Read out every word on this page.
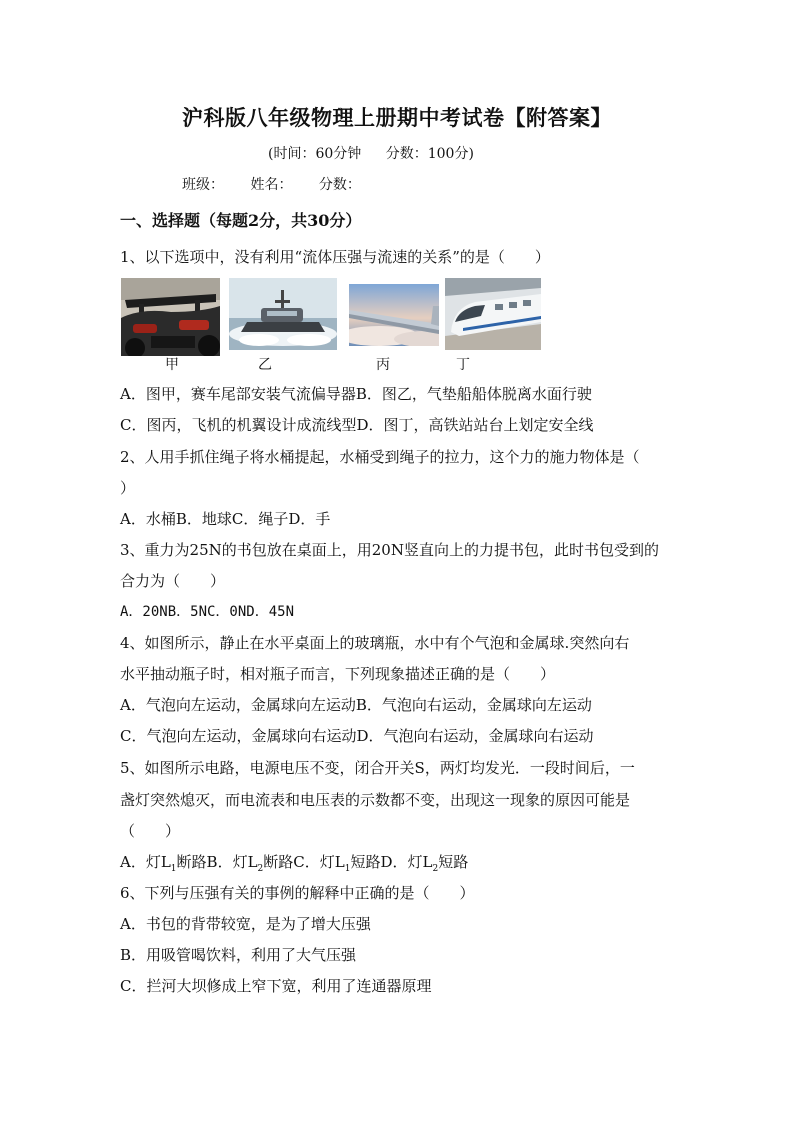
沪科版八年级物理上册期中考试卷【附答案】
(时间：60分钟 分数：100分)
班级： 姓名： 分数：
一、选择题（每题2分，共30分）
1、以下选项中，没有利用“流体压强与流速的关系”的是（　　）
甲	乙	丙	丁
A．图甲，赛车尾部安装气流偏导器B．图乙，气垫船船体脱离水面行驶
C．图丙，飞机的机翼设计成流线型D．图丁，高铁站站台上划定安全线
2、人用手抓住绳子将水桶提起，水桶受到绳子的拉力，这个力的施力物体是（
）
A．水桶B．地球C．绳子D．手
3、重力为25N的书包放在桌面上，用20N竖直向上的力提书包，此时书包受到的
合力为（　　）
A．20NB．5NC．0ND．45N
4、如图所示，静止在水平桌面上的玻璃瓶，水中有个气泡和金属球.突然向右
水平抽动瓶子时，相对瓶子而言，下列现象描述正确的是（　　）
A．气泡向左运动，金属球向左运动B．气泡向右运动，金属球向左运动
C．气泡向左运动，金属球向右运动D．气泡向右运动，金属球向右运动
5、如图所示电路，电源电压不变，闭合开关S，两灯均发光．一段时间后，一
盏灯突然熄灭，而电流表和电压表的示数都不变，出现这一现象的原因可能是
（　　）
A．灯$L_1$断路B．灯$L_2$断路C．灯$L_1$短路D．灯$L_2$短路
6、下列与压强有关的事例的解释中正确的是（　　）
A．书包的背带较宽，是为了增大压强
B．用吸管喝饮料，利用了大气压强
C．拦河大坝修成上窄下宽，利用了连通器原理
